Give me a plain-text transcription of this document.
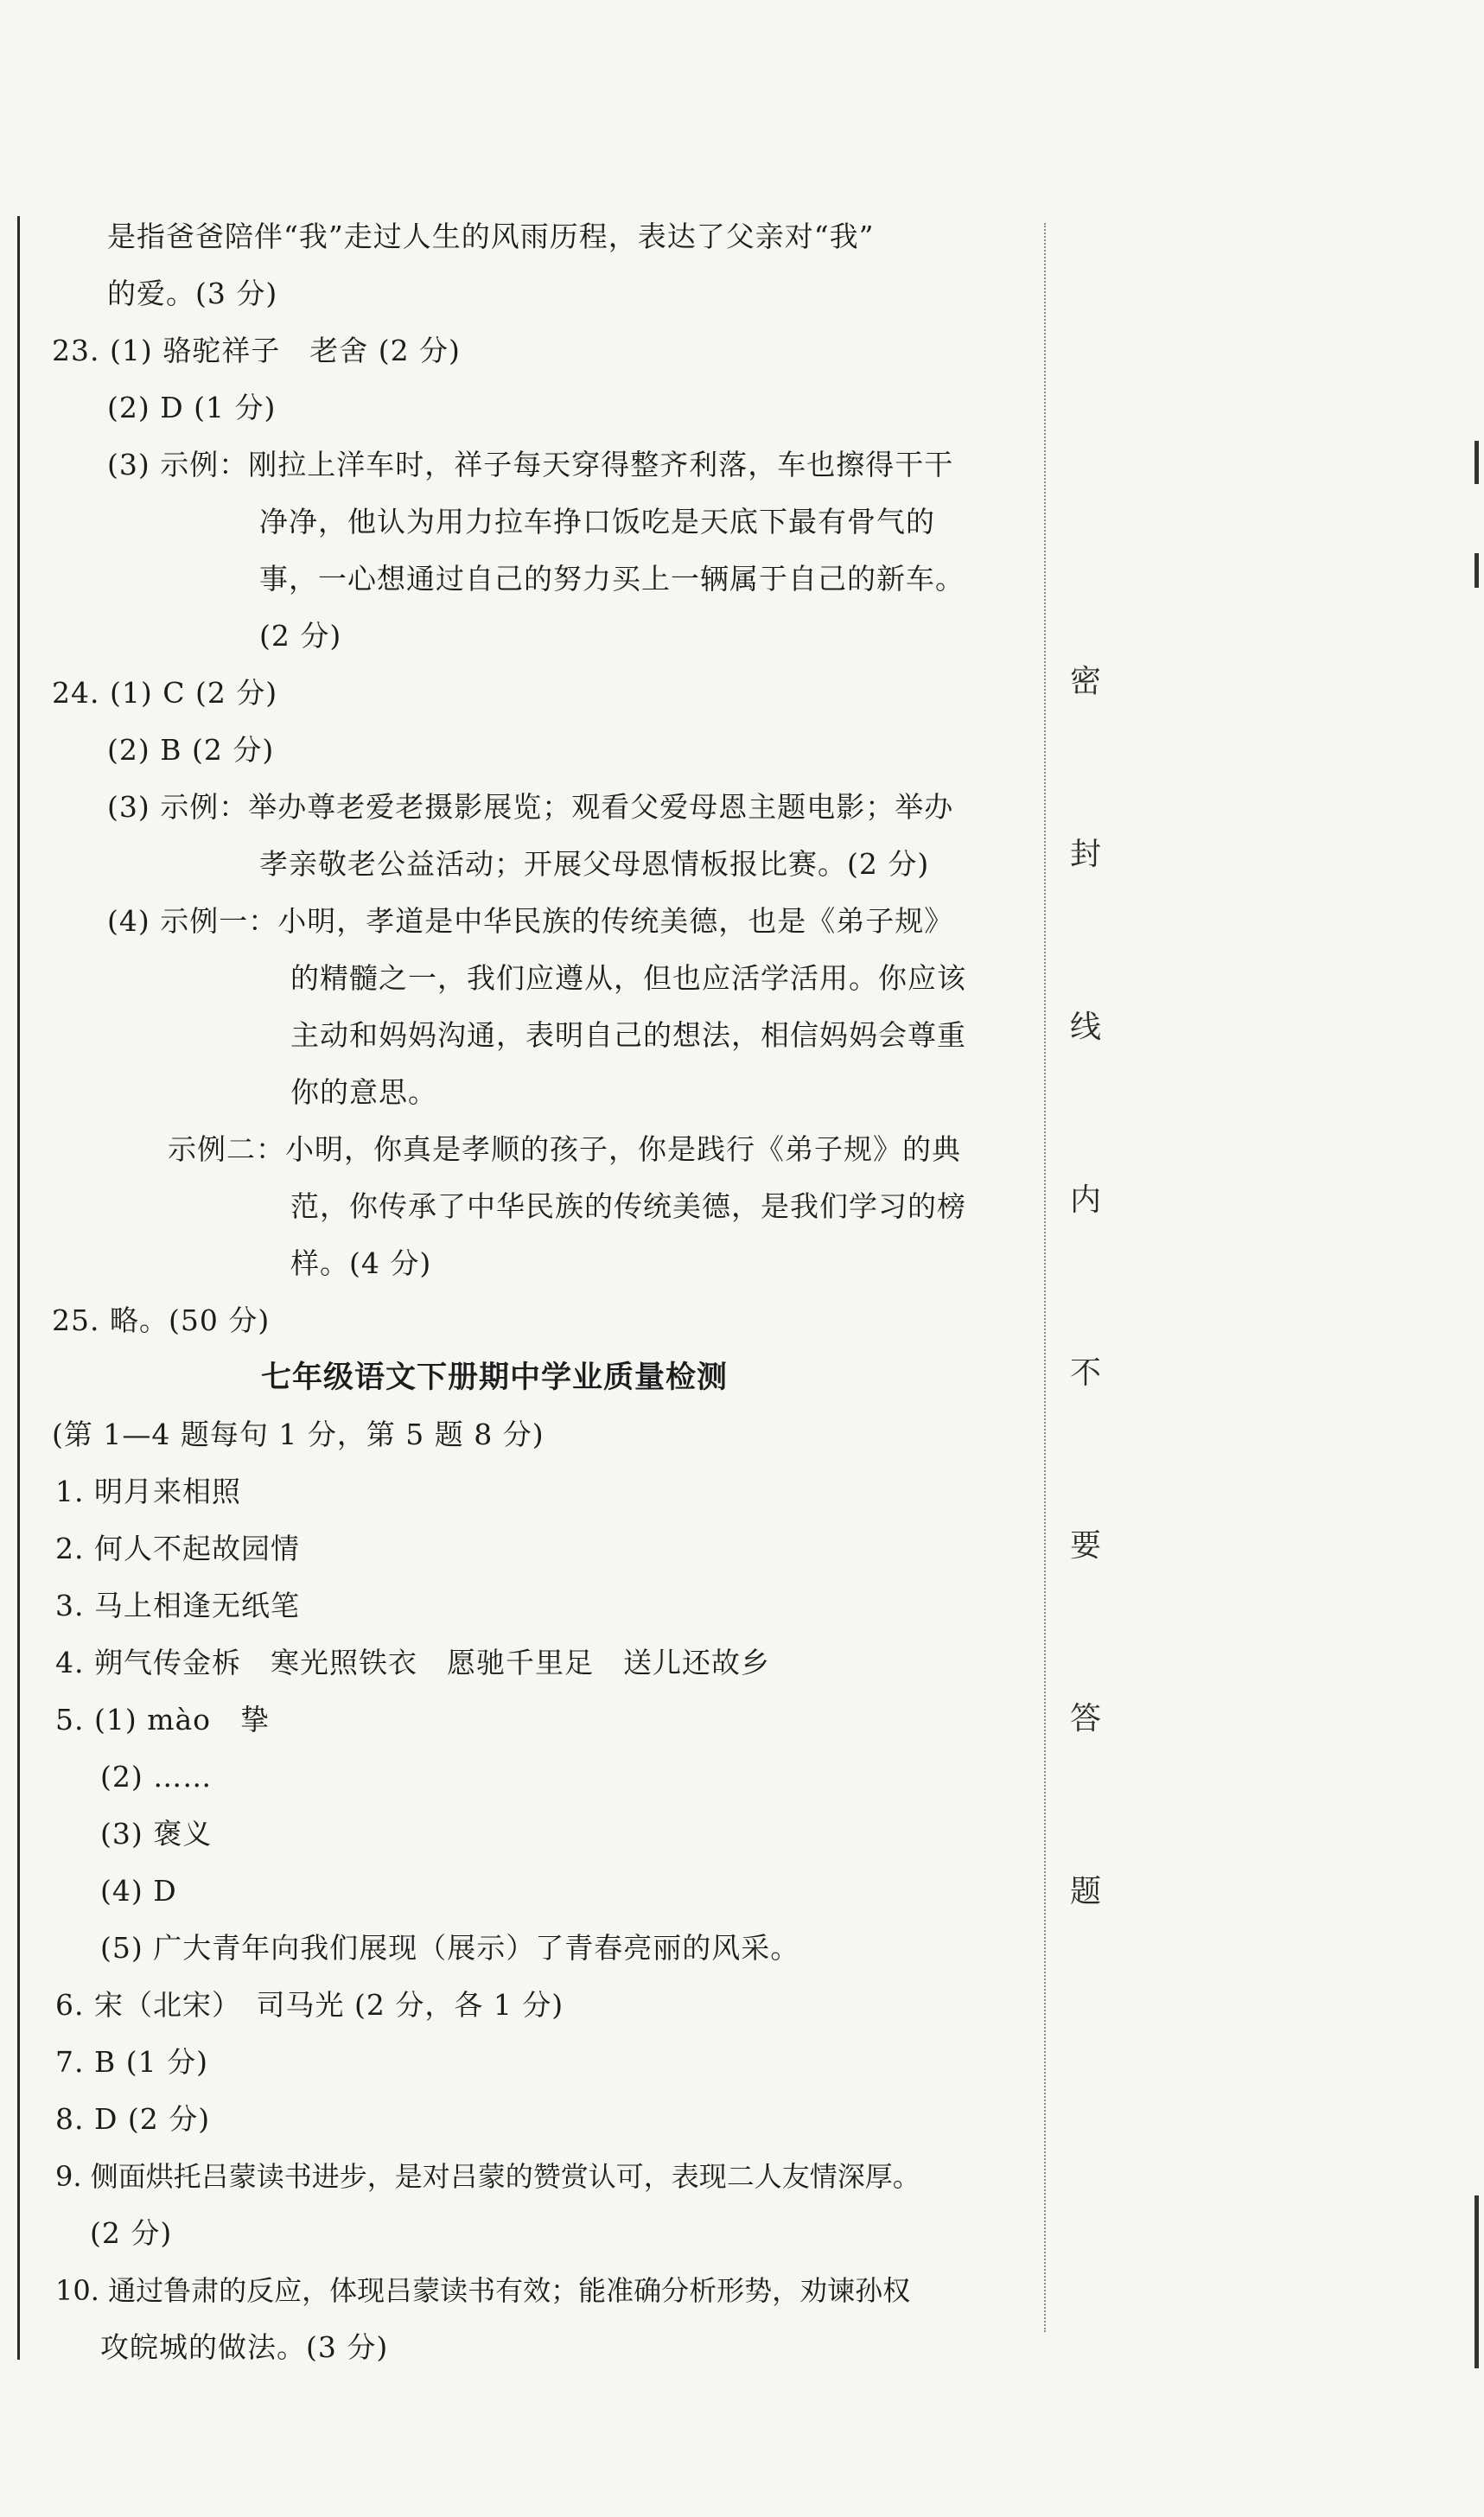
密
封
线
内
不
要
答
题
是指爸爸陪伴“我”走过人生的风雨历程，表达了父亲对“我”
的爱。(3 分)
23. (1) 骆驼祥子　老舍 (2 分)
(2) D (1 分)
(3) 示例：刚拉上洋车时，祥子每天穿得整齐利落，车也擦得干干
净净，他认为用力拉车挣口饭吃是天底下最有骨气的
事，一心想通过自己的努力买上一辆属于自己的新车。
(2 分)
24. (1) C (2 分)
(2) B (2 分)
(3) 示例：举办尊老爱老摄影展览；观看父爱母恩主题电影；举办
孝亲敬老公益活动；开展父母恩情板报比赛。(2 分)
(4) 示例一：小明，孝道是中华民族的传统美德，也是《弟子规》
的精髓之一，我们应遵从，但也应活学活用。你应该
主动和妈妈沟通，表明自己的想法，相信妈妈会尊重
你的意思。
示例二：小明，你真是孝顺的孩子，你是践行《弟子规》的典
范，你传承了中华民族的传统美德，是我们学习的榜
样。(4 分)
25. 略。(50 分)
七年级语文下册期中学业质量检测
(第 1—4 题每句 1 分，第 5 题 8 分)
1. 明月来相照
2. 何人不起故园情
3. 马上相逢无纸笔
4. 朔气传金柝　寒光照铁衣　愿驰千里足　送儿还故乡
5. (1) mào　挚
(2) ……
(3) 褒义
(4) D
(5) 广大青年向我们展现（展示）了青春亮丽的风采。
6. 宋（北宋）　司马光 (2 分，各 1 分)
7. B (1 分)
8. D (2 分)
9. 侧面烘托吕蒙读书进步，是对吕蒙的赞赏认可，表现二人友情深厚。
(2 分)
10. 通过鲁肃的反应，体现吕蒙读书有效；能准确分析形势，劝谏孙权
攻皖城的做法。(3 分)
